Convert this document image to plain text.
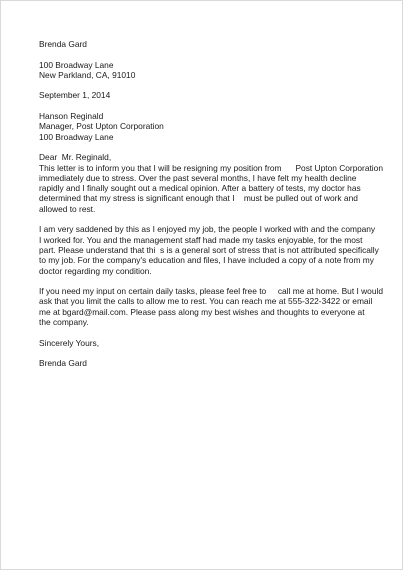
Brenda Gard
100 Broadway Lane
New Parkland, CA, 91010
September 1, 2014
Hanson Reginald
Manager, Post Upton Corporation
100 Broadway Lane
Dear  Mr. Reginald,
This letter is to inform you that I will be resigning my position from      Post Upton Corporation
immediately due to stress. Over the past several months, I have felt my health decline
rapidly and I finally sought out a medical opinion. After a battery of tests, my doctor has
determined that my stress is significant enough that I    must be pulled out of work and
allowed to rest.
I am very saddened by this as I enjoyed my job, the people I worked with and the company
I worked for. You and the management staff had made my tasks enjoyable, for the most
part. Please understand that thi  s is a general sort of stress that is not attributed specifically
to my job. For the company's education and files, I have included a copy of a note from my
doctor regarding my condition.
If you need my input on certain daily tasks, please feel free to     call me at home. But I would
ask that you limit the calls to allow me to rest. You can reach me at 555-322-3422 or email
me at bgard@mail.com. Please pass along my best wishes and thoughts to everyone at
the company.
Sincerely Yours,
Brenda Gard
